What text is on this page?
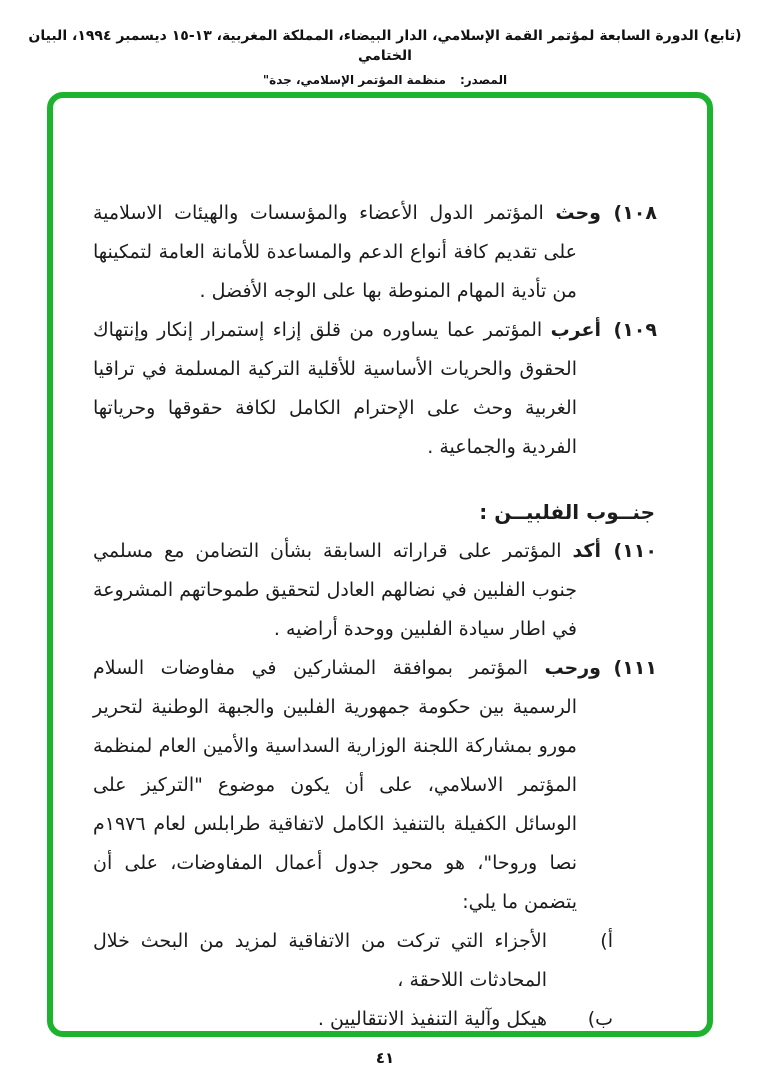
(تابع) الدورة السابعة لمؤتمر القمة الإسلامي، الدار البيضاء، المملكة المغربية، ١٣-١٥ ديسمبر ١٩٩٤، البيان الختامي
المصدر:منظمة المؤتمر الإسلامي، جدة"

١٠٨)
وحث المؤتمر الدول الأعضاء والمؤسسات والهيئات الاسلامية على تقديم كافة أنواع الدعم والمساعدة للأمانة العامة لتمكينها من تأدية المهام المنوطة بها على الوجه الأفضل .

١٠٩)
أعرب المؤتمر عما يساوره من قلق إزاء إستمرار إنكار وإنتهاك الحقوق والحريات الأساسية للأقلية التركية المسلمة في تراقيا الغربية وحث على الإحترام الكامل لكافة حقوقها وحرياتها الفردية والجماعية .

جنــوب الفلبيــن :

١١٠)
أكد المؤتمر على قراراته السابقة بشأن التضامن مع مسلمي جنوب الفلبين في نضالهم العادل لتحقيق طموحاتهم المشروعة في اطار سيادة الفلبين ووحدة أراضيه .

١١١)
ورحب المؤتمر بموافقة المشاركين في مفاوضات السلام الرسمية بين حكومة جمهورية الفلبين والجبهة الوطنية لتحرير مورو بمشاركة اللجنة الوزارية السداسية والأمين العام لمنظمة المؤتمر الاسلامي، على أن يكون موضوع "التركيز على الوسائل الكفيلة بالتنفيذ الكامل لاتفاقية طرابلس لعام ١٩٧٦م نصا وروحا"، هو محور جدول أعمال المفاوضات، على أن يتضمن ما يلي:

أ)
الأجزاء التي تركت من الاتفاقية لمزيد من البحث خلال المحادثات اللاحقة ،

ب)
هيكل وآلية التنفيذ الانتقاليين .

٤١
